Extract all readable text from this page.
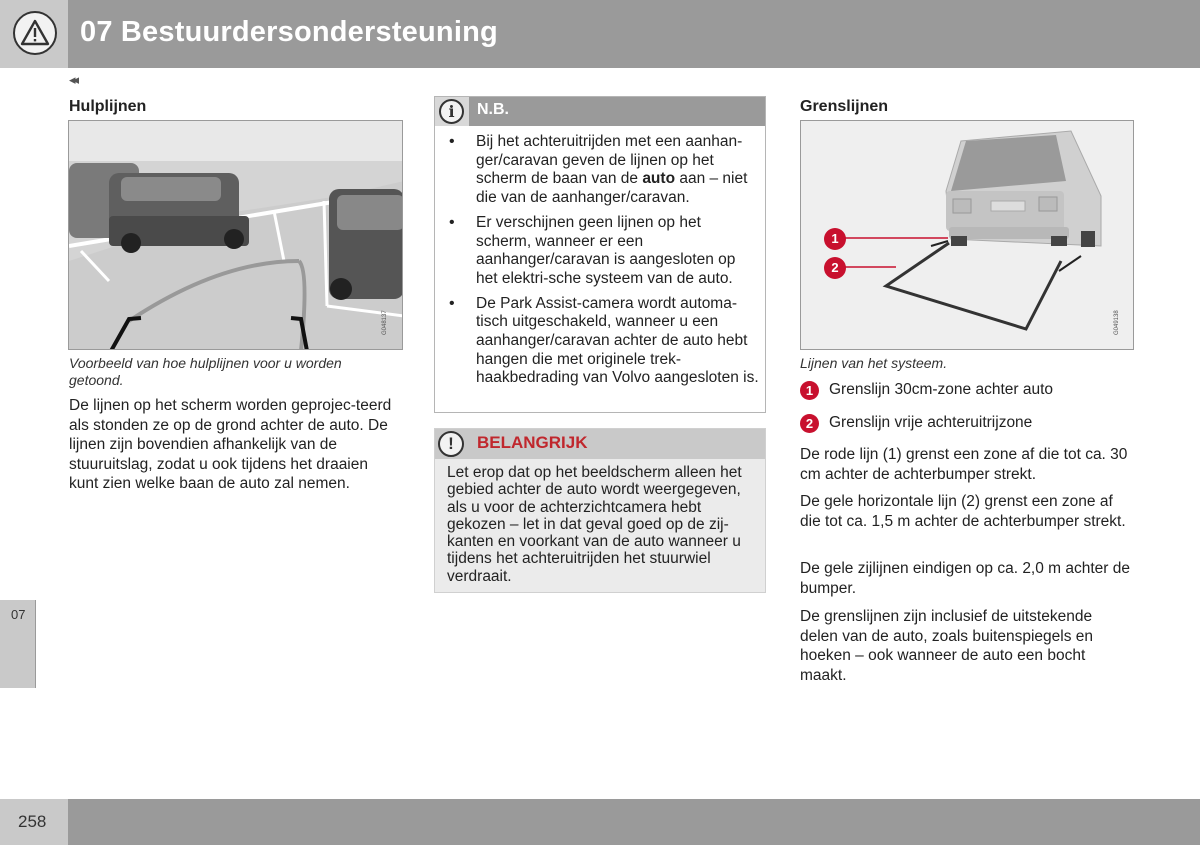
07 Bestuurdersondersteuning
◂◂
Hulplijnen
G048137
Voorbeeld van hoe hulplijnen voor u worden getoond.
De lijnen op het scherm worden geprojec-teerd als stonden ze op de grond achter de auto. De lijnen zijn bovendien afhankelijk van de stuuruitslag, zodat u ook tijdens het draaien kunt zien welke baan de auto zal nemen.
i	N.B.
• Bij het achteruitrijden met een aanhan-ger/caravan geven de lijnen op het scherm de baan van de auto aan – niet die van de aanhanger/caravan.
• Er verschijnen geen lijnen op het scherm, wanneer er een aanhanger/caravan is aangesloten op het elektri-sche systeem van de auto.
• De Park Assist-camera wordt automa-tisch uitgeschakeld, wanneer u een aanhanger/caravan achter de auto hebt hangen die met originele trek-haakbedrading van Volvo aangesloten is.
!	BELANGRIJK
Let erop dat op het beeldscherm alleen het gebied achter de auto wordt weergegeven, als u voor de achterzichtcamera hebt gekozen – let in dat geval goed op de zij-kanten en voorkant van de auto wanneer u tijdens het achteruitrijden het stuurwiel verdraait.
Grenslijnen
1
2
G049138
Lijnen van het systeem.
1	Grenslijn 30cm-zone achter auto
2	Grenslijn vrije achteruitrijzone
De rode lijn (1) grenst een zone af die tot ca. 30 cm achter de achterbumper strekt.
De gele horizontale lijn (2) grenst een zone af die tot ca. 1,5 m achter de achterbumper strekt.
De gele zijlijnen eindigen op ca. 2,0 m achter de bumper.
De grenslijnen zijn inclusief de uitstekende delen van de auto, zoals buitenspiegels en hoeken – ook wanneer de auto een bocht maakt.
07
258
